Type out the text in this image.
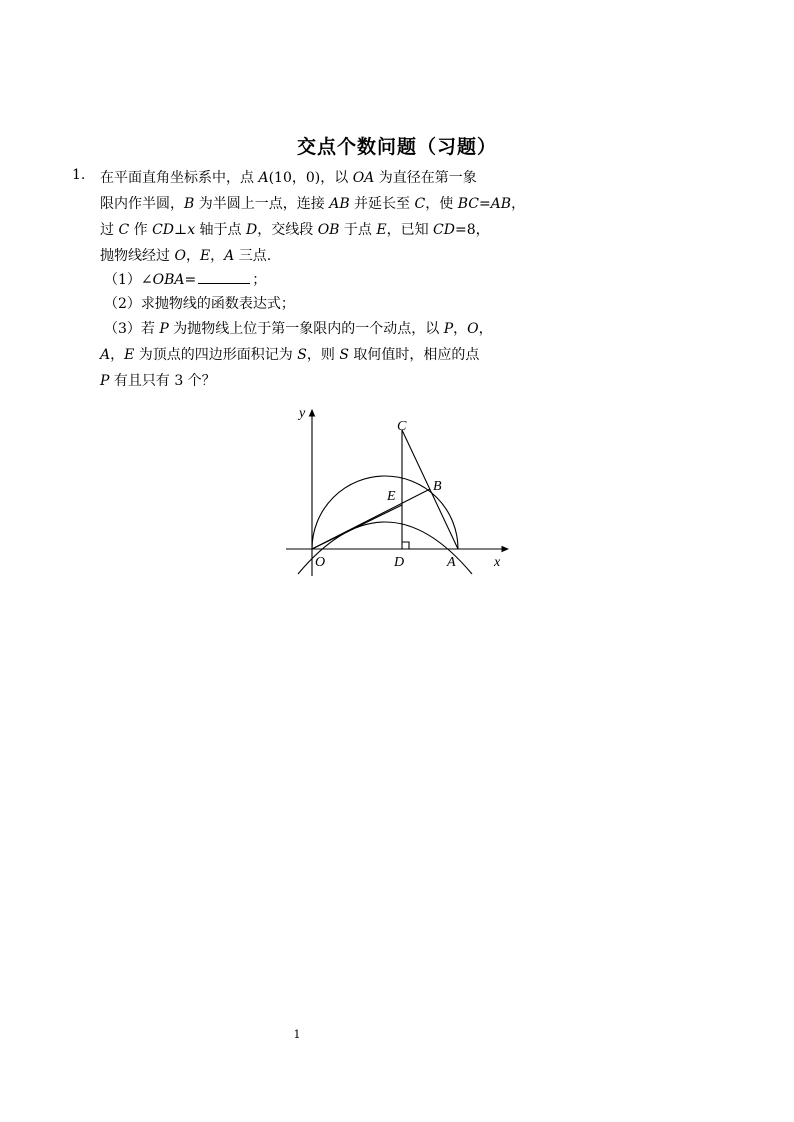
交点个数问题（习题）
1. 在平面直角坐标系中，点 A(10，0)，以 OA 为直径在第一象
限内作半圆，B 为半圆上一点，连接 AB 并延长至 C，使 BC=AB，
过 C 作 CD⊥x 轴于点 D，交线段 OB 于点 E，已知 CD=8，
抛物线经过 O，E，A 三点.
（1）∠OBA=	；
（2）求抛物线的函数表达式；
（3）若 P 为抛物线上位于第一象限内的一个动点，以 P，O，
A，E 为顶点的四边形面积记为 S，则 S 取何值时，相应的点
P 有且只有 3 个？
y
x
C
B
E
O	D	A
1
